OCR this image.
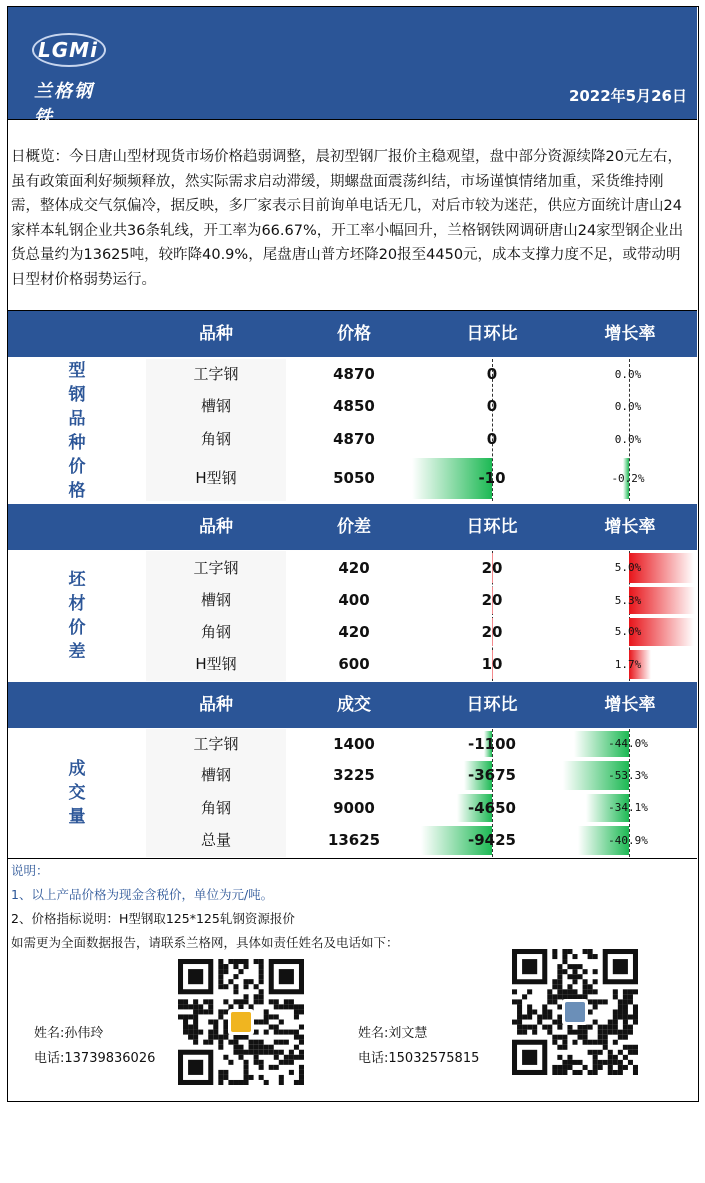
LGMi
兰格钢铁
2022年5月26日
日概览：今日唐山型材现货市场价格趋弱调整，晨初型钢厂报价主稳观望，盘中部分资源续降20元左右，虽有政策面利好频频释放，然实际需求启动滞缓，期螺盘面震荡纠结，市场谨慎情绪加重，采货维持刚需，整体成交气氛偏冷，据反映，多厂家表示目前询单电话无几，对后市较为迷茫，供应方面统计唐山24家样本轧钢企业共36条轧线，开工率为66.67%，开工率小幅回升，兰格钢铁网调研唐山24家型钢企业出货总量约为13625吨，较昨降40.9%，尾盘唐山普方坯降20报至4450元，成本支撑力度不足，或带动明日型材价格弱势运行。
品种	价格	日环比	增长率
型
钢
品
种
价
格
工字钢	4870	0	0.0%
槽钢	4850	0	0.0%
角钢	4870	0	0.0%
H型钢	5050	-10	-0.2%
品种	价差	日环比	增长率
坯
材
价
差
工字钢	420	20	5.0%
槽钢	400	20	5.3%
角钢	420	20	5.0%
H型钢	600	10	1.7%
品种	成交	日环比	增长率
成
交
量
工字钢	1400	-1100	-44.0%
槽钢	3225	-3675	-53.3%
角钢	9000	-4650	-34.1%
总量	13625	-9425	-40.9%
说明：
1、以上产品价格为现金含税价，单位为元/吨。
2、价格指标说明：H型钢取125*125轧钢资源报价
如需更为全面数据报告，请联系兰格网，具体如责任姓名及电话如下：
姓名:孙伟玲
电话:13739836026
姓名:刘文慧
电话:15032575815
